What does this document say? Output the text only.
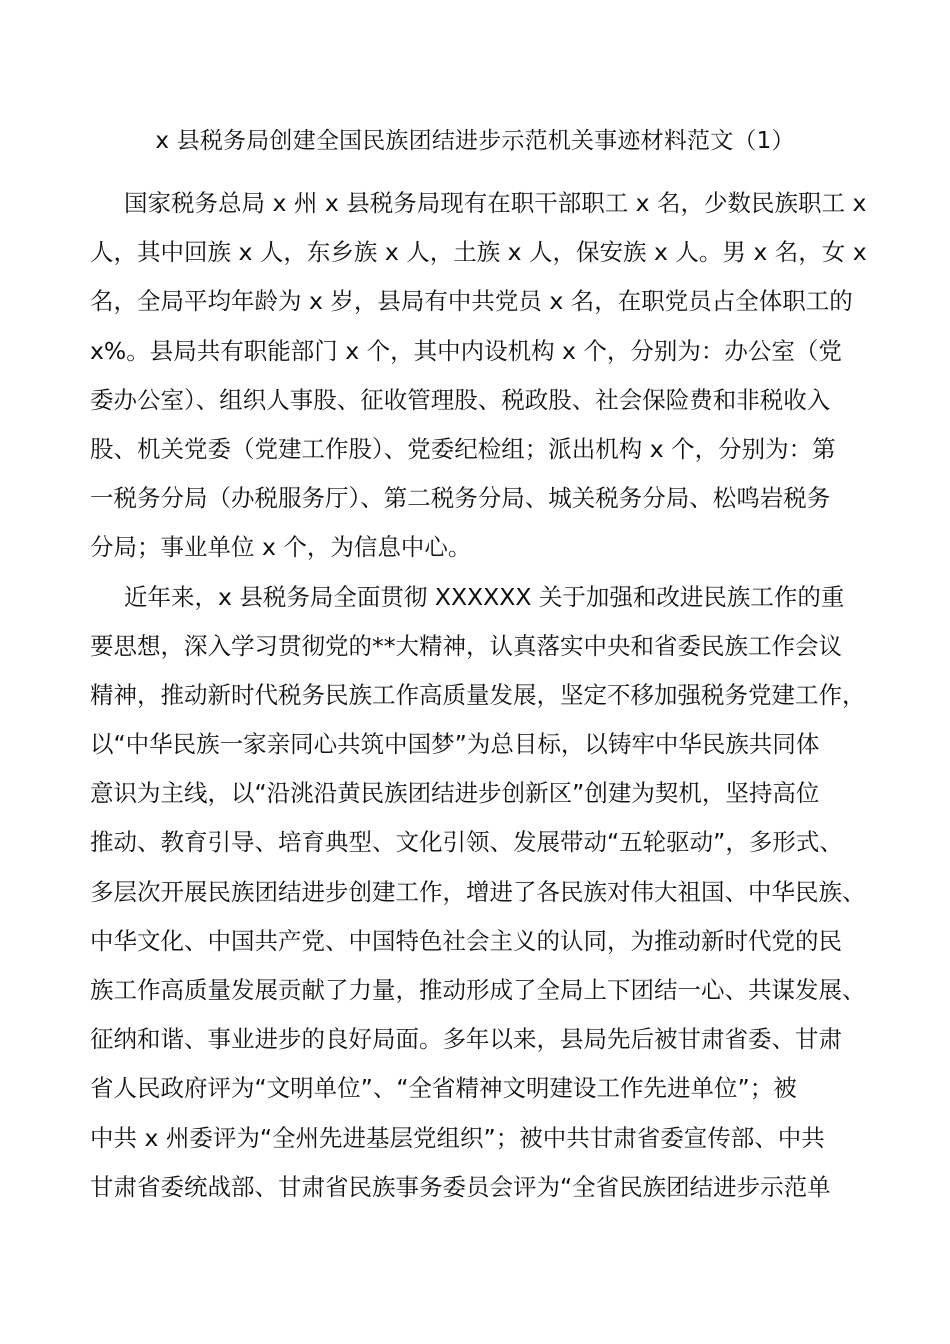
x 县税务局创建全国民族团结进步示范机关事迹材料范文（1）
国家税务总局 x 州 x 县税务局现有在职干部职工 x 名，少数民族职工 x
人，其中回族 x 人，东乡族 x 人，土族 x 人，保安族 x 人。男 x 名，女 x
名，全局平均年龄为 x 岁，县局有中共党员 x 名，在职党员占全体职工的
x%。县局共有职能部门 x 个，其中内设机构 x 个，分别为：办公室（党
委办公室）、组织人事股、征收管理股、税政股、社会保险费和非税收入
股、机关党委（党建工作股）、党委纪检组；派出机构 x 个，分别为：第
一税务分局（办税服务厅）、第二税务分局、城关税务分局、松鸣岩税务
分局；事业单位 x 个，为信息中心。
近年来，x 县税务局全面贯彻 XXXXXX 关于加强和改进民族工作的重
要思想，深入学习贯彻党的**大精神，认真落实中央和省委民族工作会议
精神，推动新时代税务民族工作高质量发展，坚定不移加强税务党建工作，
以“中华民族一家亲同心共筑中国梦”为总目标，以铸牢中华民族共同体
意识为主线，以“沿洮沿黄民族团结进步创新区”创建为契机，坚持高位
推动、教育引导、培育典型、文化引领、发展带动“五轮驱动”，多形式、
多层次开展民族团结进步创建工作，增进了各民族对伟大祖国、中华民族、
中华文化、中国共产党、中国特色社会主义的认同，为推动新时代党的民
族工作高质量发展贡献了力量，推动形成了全局上下团结一心、共谋发展、
征纳和谐、事业进步的良好局面。多年以来，县局先后被甘肃省委、甘肃
省人民政府评为“文明单位”、“全省精神文明建设工作先进单位”；被
中共 x 州委评为“全州先进基层党组织”；被中共甘肃省委宣传部、中共
甘肃省委统战部、甘肃省民族事务委员会评为“全省民族团结进步示范单
